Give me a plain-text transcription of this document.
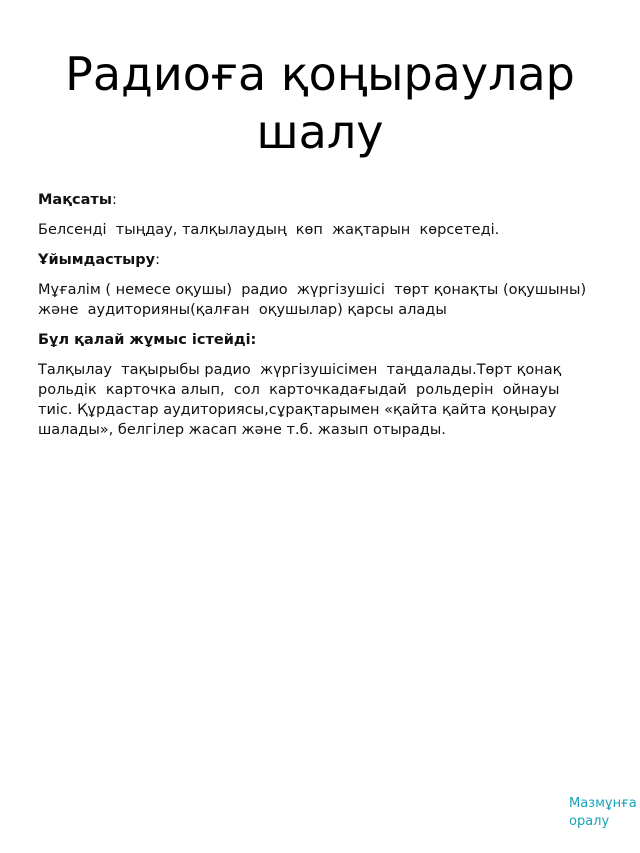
Радиоға қоңыраулар шалу

Мақсаты:

Белсенді  тыңдау, талқылаудың  көп  жақтарын  көрсетеді.

Ұйымдастыру:

Мұғалім ( немесе оқушы)  радио  жүргізушісі  төрт қонақты (оқушыны)  және  аудиторияны(қалған  оқушылар) қарсы алады

Бұл қалай жұмыс істейді:

Талқылау  тақырыбы радио  жүргізушісімен  таңдалады.Төрт қонақ  рольдік  карточка алып,  сол  карточкадағыдай  рольдерін  ойнауы  тиіс. Құрдастар аудиториясы,сұрақтарымен «қайта қайта қоңырау шалады», белгілер жасап және т.б. жазып отырады.

Мазмұнға оралу
